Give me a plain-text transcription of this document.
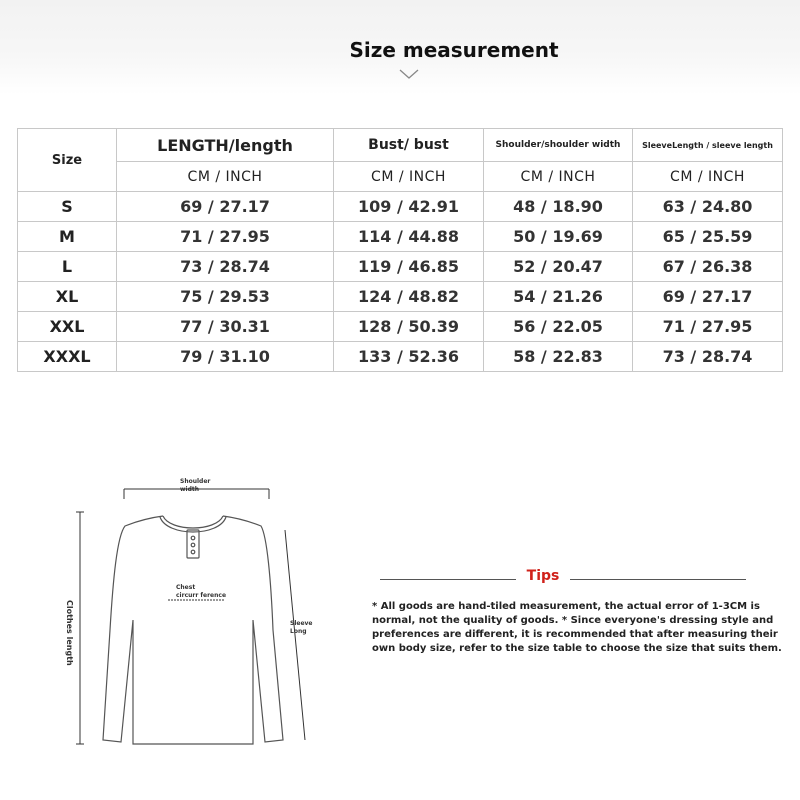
Size measurement
Size	LENGTH/length	Bust/ bust	Shoulder/shoulder width	SleeveLength / sleeve length
	CM / INCH	CM / INCH	CM / INCH	CM / INCH
S	69 / 27.17	109 / 42.91	48 / 18.90	63 / 24.80
M	71 / 27.95	114 / 44.88	50 / 19.69	65 / 25.59
L	73 / 28.74	119 / 46.85	52 / 20.47	67 / 26.38
XL	75 / 29.53	124 / 48.82	54 / 21.26	69 / 27.17
XXL	77 / 30.31	128 / 50.39	56 / 22.05	71 / 27.95
XXXL	79 / 31.10	133 / 52.36	58 / 22.83	73 / 28.74
Shoulder
width
Chest
circurr ference
Clothes length	Sleeve
Long
Tips
* All goods are hand-tiled measurement, the actual error of 1-3CM is normal, not the quality of goods. * Since everyone's dressing style and preferences are different, it is recommended that after measuring their own body size, refer to the size table to choose the size that suits them.
